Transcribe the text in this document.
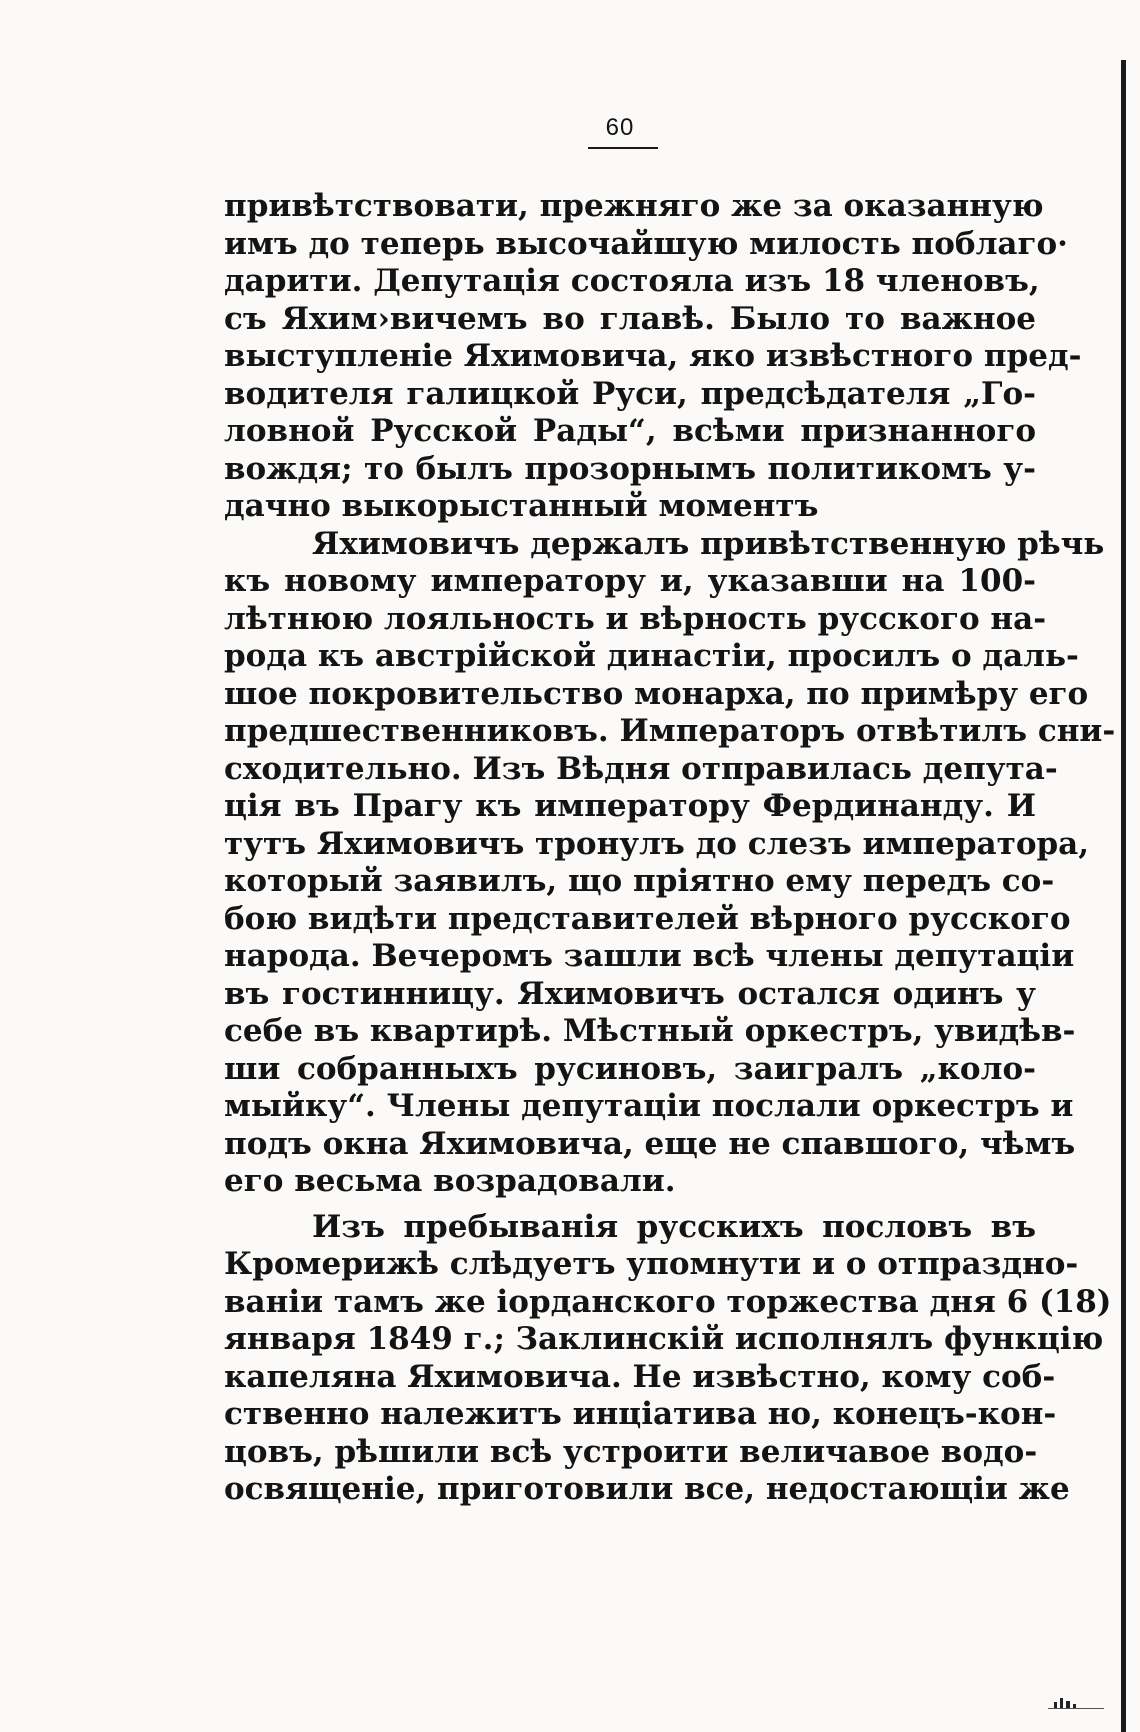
60
привѣтствовати, прежняго же за оказанную
имъ до теперь высочайшую милость поблаго·
дарити. Депутація состояла изъ 18 членовъ,
съ Яхим›вичемъ во главѣ. Было то важное
выступленіе Яхимовича, яко извѣстного пред-
водителя галицкой Руси, предсѣдателя „Го-
ловной Русской Рады“, всѣми признанного
вождя; то былъ прозорнымъ политикомъ у-
дачно выкорыстанный моментъ
Яхимовичъ держалъ привѣтственную рѣчь
къ новому императору и, указавши на 100-
лѣтнюю лояльность и вѣрность русского на-
рода къ австрійской династіи, просилъ о даль-
шое покровительство монарха, по примѣру его
предшественниковъ. Императоръ отвѣтилъ сни-
сходительно. Изъ Вѣдня отправилась депута-
ція въ Прагу къ императору Фердинанду. И
тутъ Яхимовичъ тронулъ до слезъ императора,
который заявилъ, що пріятно ему передъ со-
бою видѣти представителей вѣрного русского
народа. Вечеромъ зашли всѣ члены депутаціи
въ гостинницу. Яхимовичъ остался одинъ у
себе въ квартирѣ. Мѣстный оркестръ, увидѣв-
ши собранныхъ русиновъ, заигралъ „коло-
мыйку“. Члены депутаціи послали оркестръ и
подъ окна Яхимовича, еще не спавшого, чѣмъ
его весьма возрадовали.
Изъ пребыванія русскихъ пословъ въ
Кромерижѣ слѣдуетъ упомнути и о отпраздно-
ваніи тамъ же іорданского торжества дня 6 (18)
января 1849 г.; Заклинскій исполнялъ функцію
капеляна Яхимовича. Не извѣстно, кому соб-
ственно належитъ инціатива но, конецъ-кон-
цовъ, рѣшили всѣ устроити величавое водо-
освященіе, приготовили все, недостающіи же
